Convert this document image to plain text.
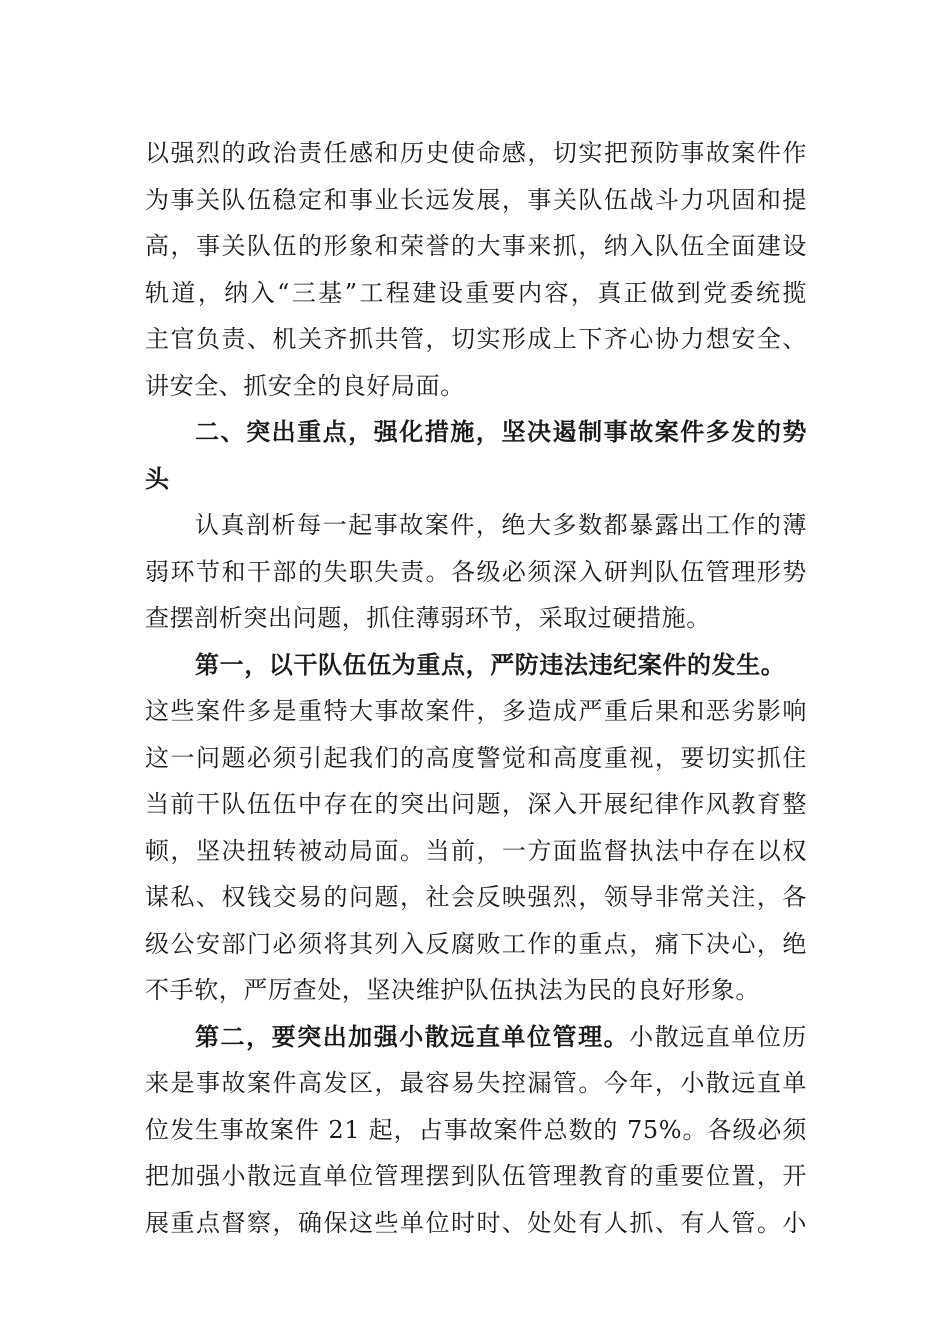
以强烈的政治责任感和历史使命感，切实把预防事故案件作
为事关队伍稳定和事业长远发展，事关队伍战斗力巩固和提
高，事关队伍的形象和荣誉的大事来抓，纳入队伍全面建设
轨道，纳入“三基”工程建设重要内容，真正做到党委统揽
主官负责、机关齐抓共管，切实形成上下齐心协力想安全、
讲安全、抓安全的良好局面。
二、突出重点，强化措施，坚决遏制事故案件多发的势
头
认真剖析每一起事故案件，绝大多数都暴露出工作的薄
弱环节和干部的失职失责。各级必须深入研判队伍管理形势
查摆剖析突出问题，抓住薄弱环节，采取过硬措施。
第一，以干队伍伍为重点，严防违法违纪案件的发生。
这些案件多是重特大事故案件，多造成严重后果和恶劣影响
这一问题必须引起我们的高度警觉和高度重视，要切实抓住
当前干队伍伍中存在的突出问题，深入开展纪律作风教育整
顿，坚决扭转被动局面。当前，一方面监督执法中存在以权
谋私、权钱交易的问题，社会反映强烈，领导非常关注，各
级公安部门必须将其列入反腐败工作的重点，痛下决心，绝
不手软，严厉查处，坚决维护队伍执法为民的良好形象。
第二，要突出加强小散远直单位管理。小散远直单位历
来是事故案件高发区，最容易失控漏管。今年，小散远直单
位发生事故案件 21 起，占事故案件总数的 75%。各级必须
把加强小散远直单位管理摆到队伍管理教育的重要位置，开
展重点督察，确保这些单位时时、处处有人抓、有人管。小
